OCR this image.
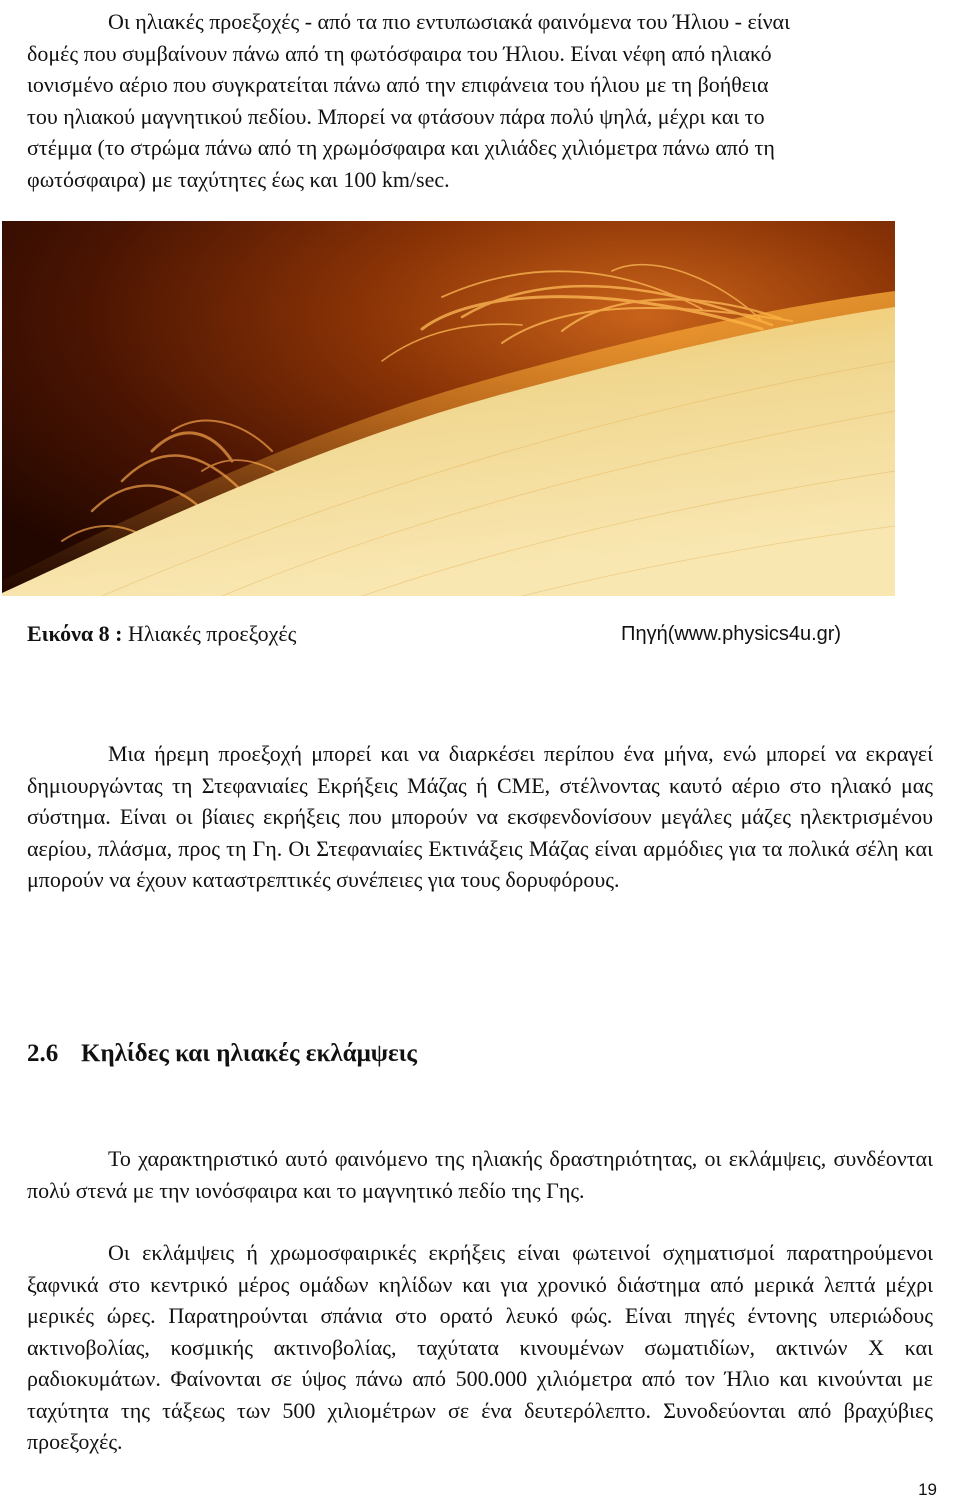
Οι ηλιακές προεξοχές - από τα πιο εντυπωσιακά φαινόμενα του Ήλιου - είναι
δομές που συμβαίνουν πάνω από τη φωτόσφαιρα του Ήλιου. Είναι νέφη από ηλιακό
ιονισμένο αέριο που συγκρατείται πάνω από την επιφάνεια του ήλιου με τη βοήθεια
του ηλιακού μαγνητικού πεδίου. Μπορεί να φτάσουν πάρα πολύ ψηλά, μέχρι και το
στέμμα (το στρώμα πάνω από τη χρωμόσφαιρα και χιλιάδες χιλιόμετρα πάνω από τη
φωτόσφαιρα) με ταχύτητες έως και 100 km/sec.
Εικόνα 8 : Ηλιακές προεξοχές	Πηγή(www.physics4u.gr)

Μια ήρεμη προεξοχή μπορεί και να διαρκέσει περίπου ένα μήνα, ενώ μπορεί να εκραγεί δημιουργώντας τη Στεφανιαίες Εκρήξεις Μάζας ή CME, στέλνοντας καυτό αέριο στο ηλιακό μας σύστημα. Είναι οι βίαιες εκρήξεις που μπορούν να εκσφενδονίσουν μεγάλες μάζες ηλεκτρισμένου αερίου, πλάσμα, προς τη Γη. Οι Στεφανιαίες Εκτινάξεις Μάζας είναι αρμόδιες για τα πολικά σέλη και μπορούν να έχουν καταστρεπτικές συνέπειες για τους δορυφόρους.

2.6 Κηλίδες και ηλιακές εκλάμψεις

Το χαρακτηριστικό αυτό φαινόμενο της ηλιακής δραστηριότητας, οι εκλάμψεις, συνδέονται πολύ στενά με την ιονόσφαιρα και το μαγνητικό πεδίο της Γης.

Οι εκλάμψεις ή χρωμοσφαιρικές εκρήξεις είναι φωτεινοί σχηματισμοί παρατηρούμενοι ξαφνικά στο κεντρικό μέρος ομάδων κηλίδων και για χρονικό διάστημα από μερικά λεπτά μέχρι μερικές ώρες. Παρατηρούνται σπάνια στο ορατό λευκό φώς. Είναι πηγές έντονης υπεριώδους ακτινοβολίας, κοσμικής ακτινοβολίας, ταχύτατα κινουμένων σωματιδίων, ακτινών Χ και ραδιοκυμάτων. Φαίνονται σε ύψος πάνω από 500.000 χιλιόμετρα από τον Ήλιο και κινούνται με ταχύτητα της τάξεως των 500 χιλιομέτρων σε ένα δευτερόλεπτο. Συνοδεύονται από βραχύβιες προεξοχές.

19
